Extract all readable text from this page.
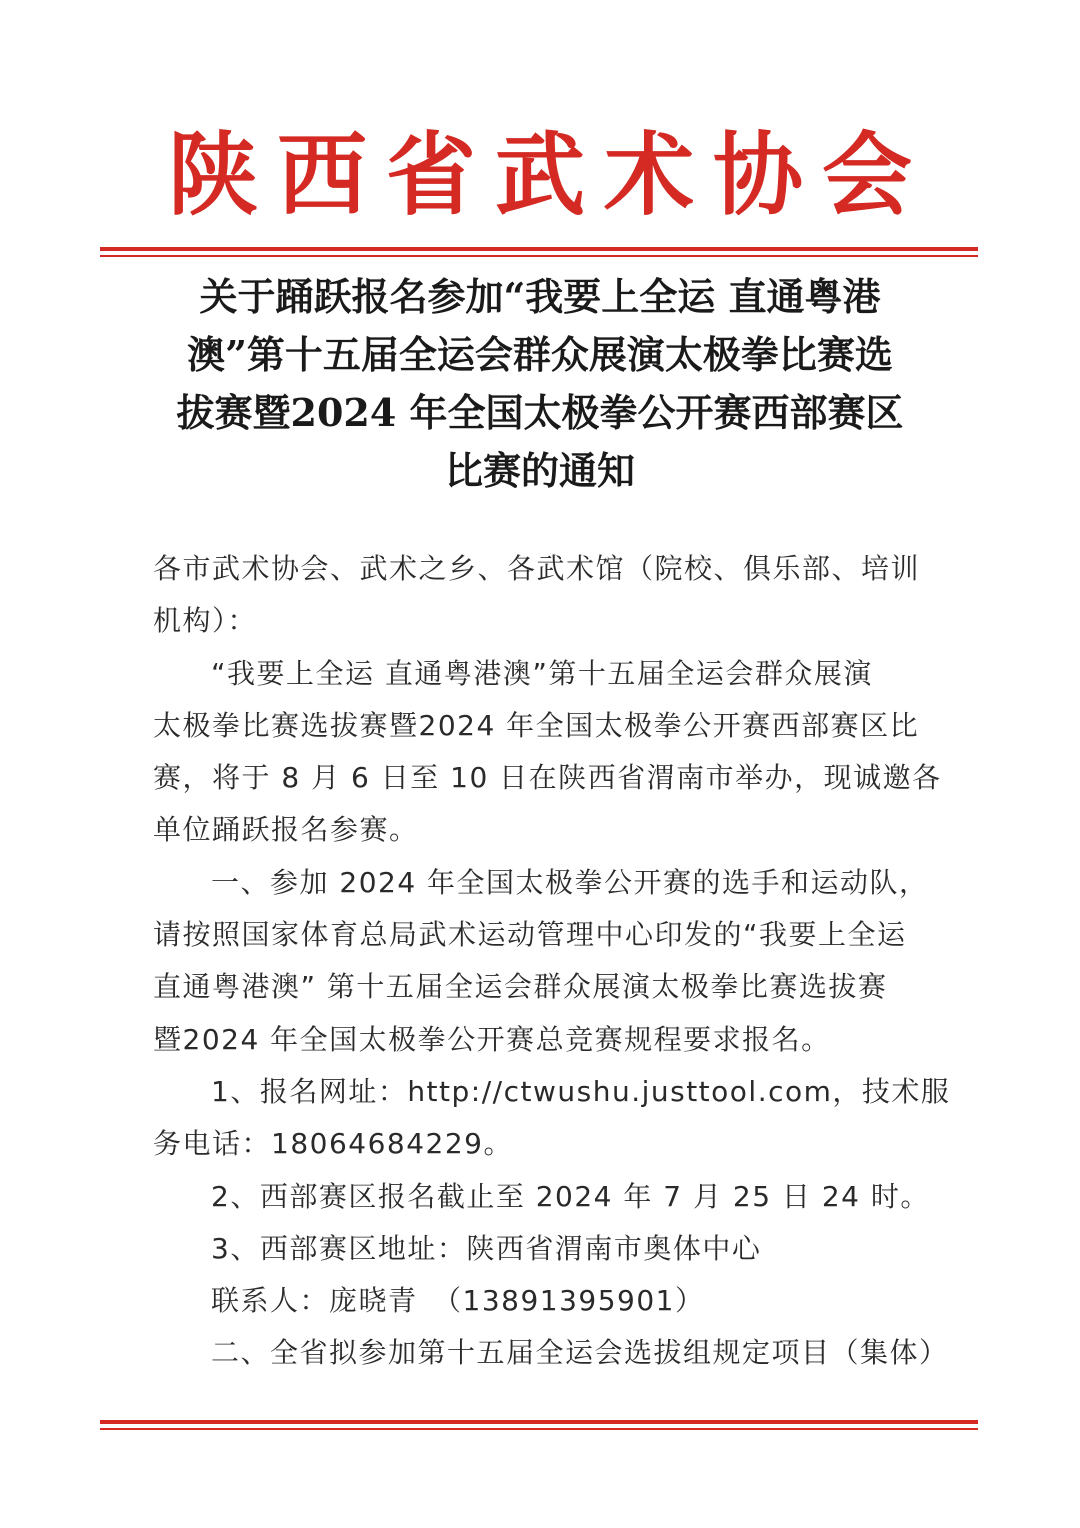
陕 西 省 武 术 协 会
关于踊跃报名参加“我要上全运 直通粤港
澳”第十五届全运会群众展演太极拳比赛选
拔赛暨2024 年全国太极拳公开赛西部赛区
比赛的通知
各市武术协会、武术之乡、各武术馆（院校、俱乐部、培训
机构）：
“我要上全运 直通粤港澳”第十五届全运会群众展演
太极拳比赛选拔赛暨2024 年全国太极拳公开赛西部赛区比
赛，将于 8 月 6 日至 10 日在陕西省渭南市举办，现诚邀各
单位踊跃报名参赛。
一、参加 2024 年全国太极拳公开赛的选手和运动队，
请按照国家体育总局武术运动管理中心印发的“我要上全运
直通粤港澳” 第十五届全运会群众展演太极拳比赛选拔赛
暨2024 年全国太极拳公开赛总竞赛规程要求报名。
1、报名网址：http://ctwushu.justtool.com，技术服
务电话：18064684229。
2、西部赛区报名截止至 2024 年 7 月 25 日 24 时。
3、西部赛区地址：陕西省渭南市奥体中心
联系人：庞晓青　（13891395901）
二、全省拟参加第十五届全运会选拔组规定项目（集体）
